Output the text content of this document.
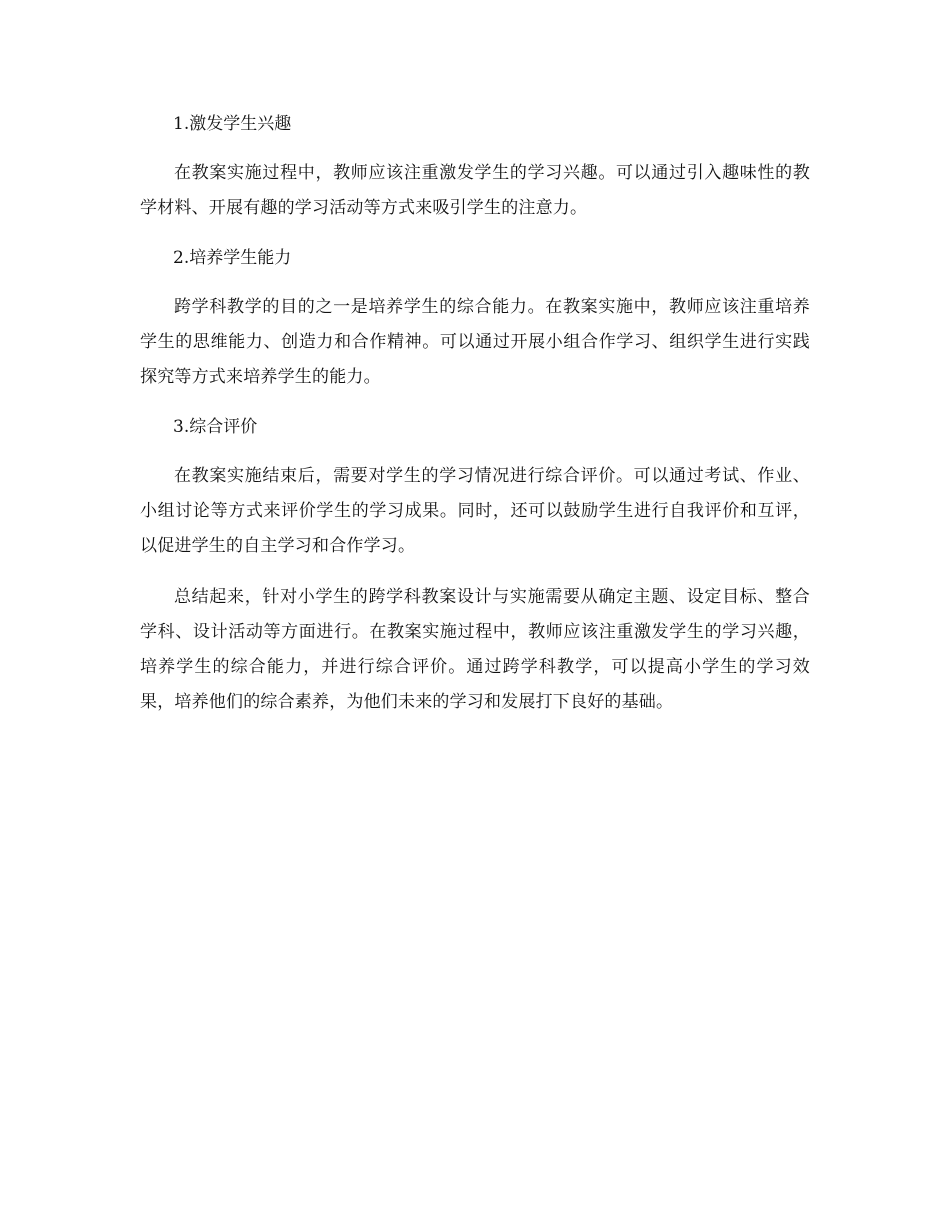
1.激发学生兴趣

在教案实施过程中，教师应该注重激发学生的学习兴趣。可以通过引入趣味性的教学材料、开展有趣的学习活动等方式来吸引学生的注意力。

2.培养学生能力

跨学科教学的目的之一是培养学生的综合能力。在教案实施中，教师应该注重培养学生的思维能力、创造力和合作精神。可以通过开展小组合作学习、组织学生进行实践探究等方式来培养学生的能力。

3.综合评价

在教案实施结束后，需要对学生的学习情况进行综合评价。可以通过考试、作业、小组讨论等方式来评价学生的学习成果。同时，还可以鼓励学生进行自我评价和互评，以促进学生的自主学习和合作学习。

总结起来，针对小学生的跨学科教案设计与实施需要从确定主题、设定目标、整合学科、设计活动等方面进行。在教案实施过程中，教师应该注重激发学生的学习兴趣，培养学生的综合能力，并进行综合评价。通过跨学科教学，可以提高小学生的学习效果，培养他们的综合素养，为他们未来的学习和发展打下良好的基础。
